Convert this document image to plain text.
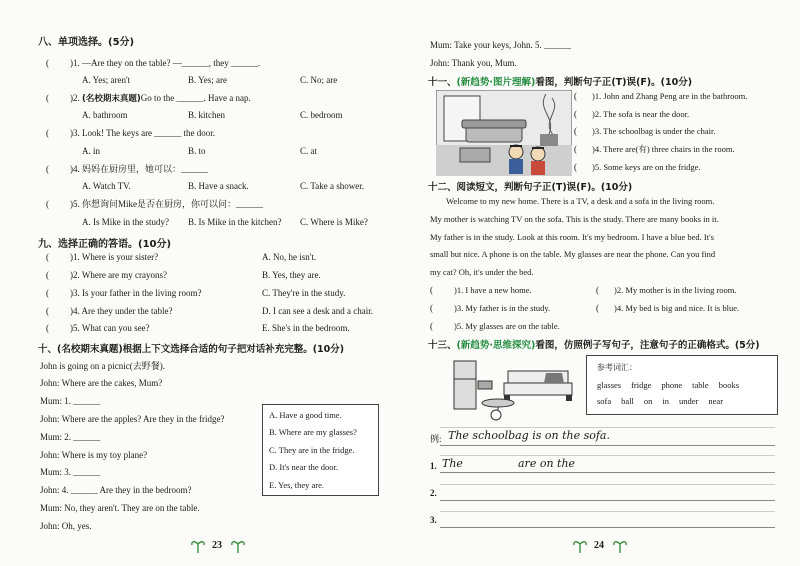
八、单项选择。(5分)
( )1. —Are they on the table? —______, they ______.
A. Yes; aren't	B. Yes; are	C. No; are
( )2. (名校期末真题)Go to the ______. Have a nap.
A. bathroom	B. kitchen	C. bedroom
( )3. Look! The keys are ______ the door.
A. in	B. to	C. at
( )4. 妈妈在厨房里，她可以：______
A. Watch TV.	B. Have a snack.	C. Take a shower.
( )5. 你想询问Mike是否在厨房，你可以问：______
A. Is Mike in the study? B. Is Mike in the kitchen? C. Where is Mike?
九、选择正确的答语。(10分)
( )1. Where is your sister?	A. No, he isn't.
( )2. Where are my crayons?	B. Yes, they are.
( )3. Is your father in the living room?	C. They're in the study.
( )4. Are they under the table?	D. I can see a desk and a chair.
( )5. What can you see?	E. She's in the bedroom.
十、(名校期末真题)根据上下文选择合适的句子把对话补充完整。(10分)
John is going on a picnic(去野餐).
John: Where are the cakes, Mum?
Mum: 1. ______
John: Where are the apples? Are they in the fridge?
Mum: 2. ______
John: Where is my toy plane?
Mum: 3. ______
John: 4. ______ Are they in the bedroom?
Mum: No, they aren't. They are on the table.
John: Oh, yes.
A. Have a good time.
B. Where are my glasses?
C. They are in the fridge.
D. It's near the door.
E. Yes, they are.
23
Mum: Take your keys, John. 5. ______
John: Thank you, Mum.
十一、(新趋势·图片理解)看图，判断句子正(T)误(F)。(10分)
( )1. John and Zhang Peng are in the bathroom.
( )2. The sofa is near the door.
( )3. The schoolbag is under the chair.
( )4. There are(有) three chairs in the room.
( )5. Some keys are on the fridge.
十二、阅读短文，判断句子正(T)误(F)。(10分)
Welcome to my new home. There is a TV, a desk and a sofa in the living room.
My mother is watching TV on the sofa. This is the study. There are many books in it.
My father is in the study. Look at this room. It's my bedroom. I have a blue bed. It's
small but nice. A phone is on the table. My glasses are near the phone. Can you find
my cat? Oh, it's under the bed.
( )1. I have a new home.	( )2. My mother is in the living room.
( )3. My father is in the study.	( )4. My bed is big and nice. It is blue.
( )5. My glasses are on the table.
十三、(新趋势·思维探究)看图，仿照例子写句子，注意句子的正确格式。(5分)
参考词汇：
glasses fridge phone table books
sofa ball on in under near
例: The schoolbag is on the sofa.
1. The	are on the
2.
3.
24
